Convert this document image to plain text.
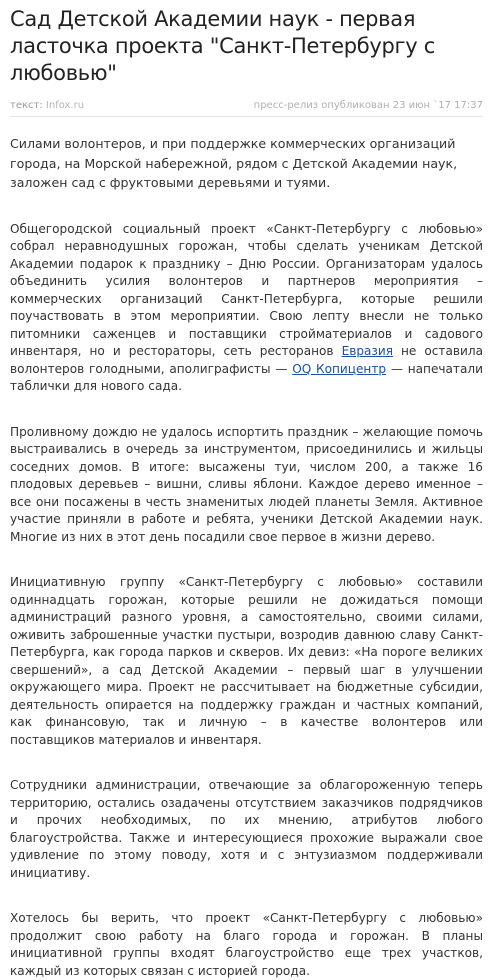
Сад Детской Академии наук - первая ласточка проекта "Санкт-Петербургу с любовью"
текст: Infox.ru	пресс-релиз опубликован 23 июн `17 17:37

Силами волонтеров, и при поддержке коммерческих организаций города, на Морской набережной, рядом с Детской Академии наук, заложен сад с фруктовыми деревьями и туями.

Общегородской социальный проект «Санкт-Петербургу с любовью» собрал неравнодушных горожан, чтобы сделать ученикам Детской Академии подарок к празднику – Дню России. Организаторам удалось объединить усилия волонтеров и партнеров мероприятия – коммерческих организаций Санкт-Петербурга, которые решили поучаствовать в этом мероприятии. Свою лепту внесли не только питомники саженцев и поставщики стройматериалов и садового инвентаря, но и рестораторы, сеть ресторанов Евразия не оставила волонтеров голодными, аполиграфисты — OQ Копицентр — напечатали таблички для нового сада.

Проливному дождю не удалось испортить праздник – желающие помочь выстраивались в очередь за инструментом, присоединились и жильцы соседних домов. В итоге: высажены туи, числом 200, а также 16 плодовых деревьев – вишни, сливы яблони. Каждое дерево именное – все они посажены в честь знаменитых людей планеты Земля. Активное участие приняли в работе и ребята, ученики Детской Академии наук. Многие из них в этот день посадили свое первое в жизни дерево.

Инициативную группу «Санкт-Петербургу с любовью» составили одиннадцать горожан, которые решили не дожидаться помощи администраций разного уровня, а самостоятельно, своими силами, оживить заброшенные участки пустыри, возродив давнюю славу Санкт-Петербурга, как города парков и скверов. Их девиз: «На пороге великих свершений», а сад Детской Академии – первый шаг в улучшении окружающего мира. Проект не рассчитывает на бюджетные субсидии, деятельность опирается на поддержку граждан и частных компаний, как финансовую, так и личную – в качестве волонтеров или поставщиков материалов и инвентаря.

Сотрудники администрации, отвечающие за облагороженную теперь территорию, остались озадачены отсутствием заказчиков подрядчиков и прочих необходимых, по их мнению, атрибутов любого благоустройства. Также и интересующиеся прохожие выражали свое удивление по этому поводу, хотя и с энтузиазмом поддерживали инициативу.

Хотелось бы верить, что проект «Санкт-Петербургу с любовью» продолжит свою работу на благо города и горожан. В планы инициативной группы входят благоустройство еще трех участков, каждый из которых связан с историей города.
